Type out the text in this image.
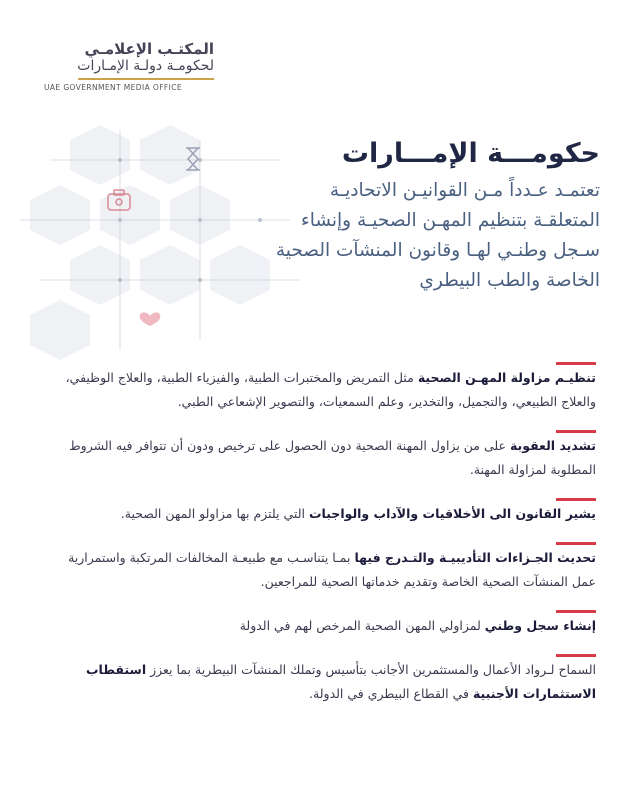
المكتـب الإعلامـي
لحكومـة دولـة الإمـارات
UAE GOVERNMENT MEDIA OFFICE
حكومـــة الإمـــارات
تعتمـد عـدداً مـن القوانيـن الاتحاديـة المتعلقـة بتنظيم المهـن الصحيـة وإنشاء سـجل وطنـي لهـا وقانون المنشآت الصحية الخاصة والطب البيطري
تنظيـم مزاولة المهـن الصحية مثل التمريض والمختبرات الطبية، والفيزياء الطبية، والعلاج الوظيفي، والعلاج الطبيعي، والتجميل، والتخدير، وعلم السمعيات، والتصوير الإشعاعي الطبي.
تشديد العقوبة على من يزاول المهنة الصحية دون الحصول على ترخيص ودون أن تتوافر فيه الشروط المطلوبة لمزاولة المهنة.
يشير القانون الى الأخلاقيات والآداب والواجبات التي يلتزم بها مزاولو المهن الصحية.
تحديث الجـزاءات التأديبيـة والتـدرج فيها بمـا يتناسـب مع طبيعـة المخالفات المرتكبة واستمرارية عمل المنشآت الصحية الخاصة وتقديم خدماتها الصحية للمراجعين.
إنشاء سجل وطني لمزاولي المهن الصحية المرخص لهم في الدولة
السماح لـرواد الأعمال والمستثمرين الأجانب بتأسيس وتملك المنشآت البيطرية بما يعزز استقطاب الاستثمارات الأجنبية في القطاع البيطري في الدولة.
